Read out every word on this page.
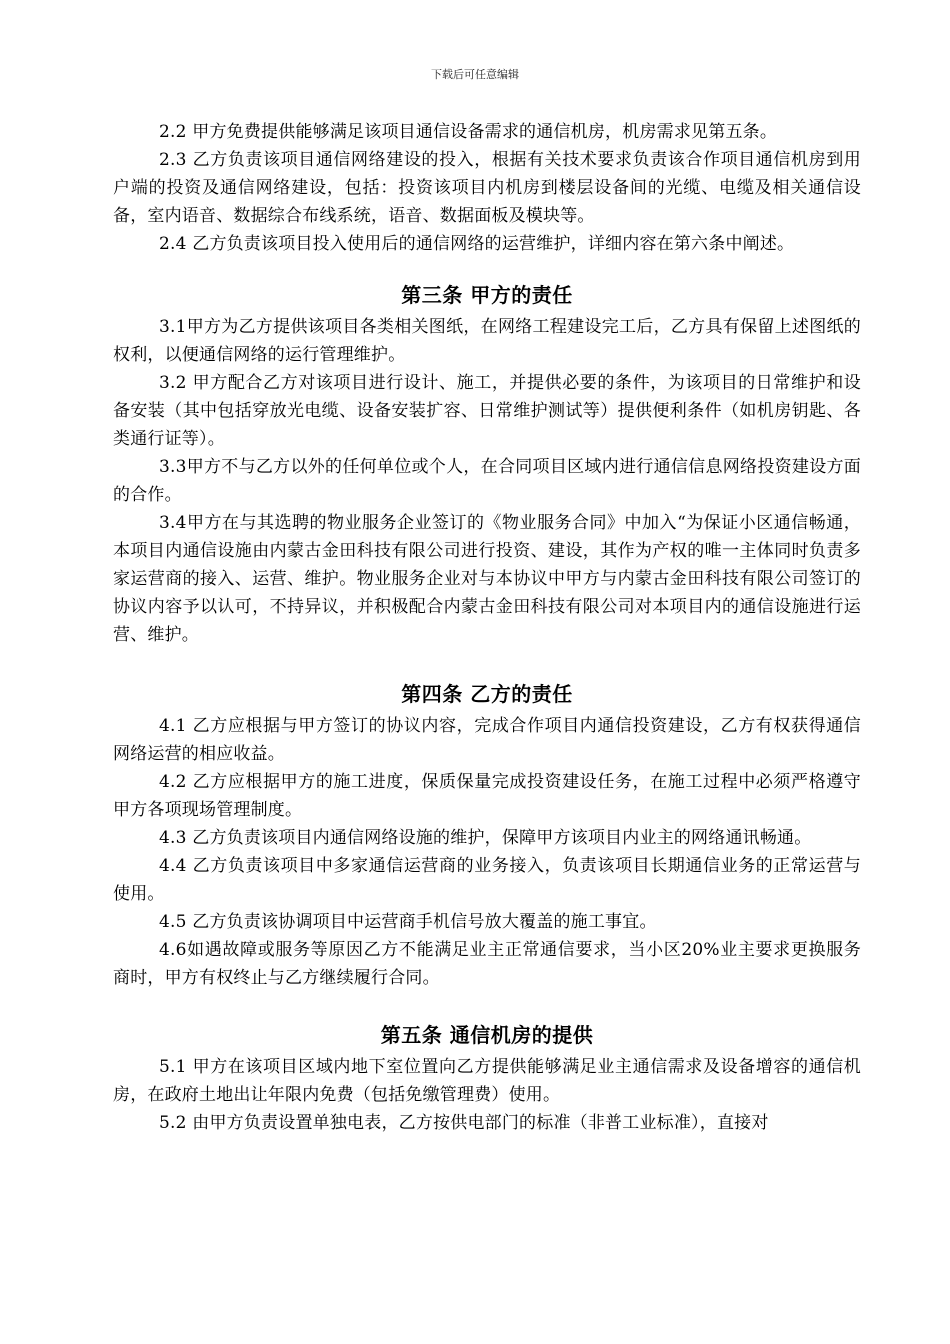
下载后可任意编辑

2.2 甲方免费提供能够满足该项目通信设备需求的通信机房，机房需求见第五条。

2.3 乙方负责该项目通信网络建设的投入，根据有关技术要求负责该合作项目通信机房到用户端的投资及通信网络建设，包括：投资该项目内机房到楼层设备间的光缆、电缆及相关通信设备，室内语音、数据综合布线系统，语音、数据面板及模块等。

2.4 乙方负责该项目投入使用后的通信网络的运营维护，详细内容在第六条中阐述。

第三条 甲方的责任

3.1甲方为乙方提供该项目各类相关图纸，在网络工程建设完工后，乙方具有保留上述图纸的权利，以便通信网络的运行管理维护。

3.2 甲方配合乙方对该项目进行设计、施工，并提供必要的条件，为该项目的日常维护和设备安装（其中包括穿放光电缆、设备安装扩容、日常维护测试等）提供便利条件（如机房钥匙、各类通行证等）。

3.3甲方不与乙方以外的任何单位或个人，在合同项目区域内进行通信信息网络投资建设方面的合作。

3.4甲方在与其选聘的物业服务企业签订的《物业服务合同》中加入“为保证小区通信畅通，本项目内通信设施由内蒙古金田科技有限公司进行投资、建设，其作为产权的唯一主体同时负责多家运营商的接入、运营、维护。物业服务企业对与本协议中甲方与内蒙古金田科技有限公司签订的协议内容予以认可，不持异议，并积极配合内蒙古金田科技有限公司对本项目内的通信设施进行运营、维护。

第四条 乙方的责任

4.1 乙方应根据与甲方签订的协议内容，完成合作项目内通信投资建设，乙方有权获得通信网络运营的相应收益。

4.2 乙方应根据甲方的施工进度，保质保量完成投资建设任务，在施工过程中必须严格遵守甲方各项现场管理制度。

4.3 乙方负责该项目内通信网络设施的维护，保障甲方该项目内业主的网络通讯畅通。

4.4 乙方负责该项目中多家通信运营商的业务接入，负责该项目长期通信业务的正常运营与使用。

4.5 乙方负责该协调项目中运营商手机信号放大覆盖的施工事宜。

4.6如遇故障或服务等原因乙方不能满足业主正常通信要求，当小区20%业主要求更换服务商时，甲方有权终止与乙方继续履行合同。

第五条 通信机房的提供

5.1 甲方在该项目区域内地下室位置向乙方提供能够满足业主通信需求及设备增容的通信机房，在政府土地出让年限内免费（包括免缴管理费）使用。

5.2 由甲方负责设置单独电表，乙方按供电部门的标准（非普工业标准），直接对
